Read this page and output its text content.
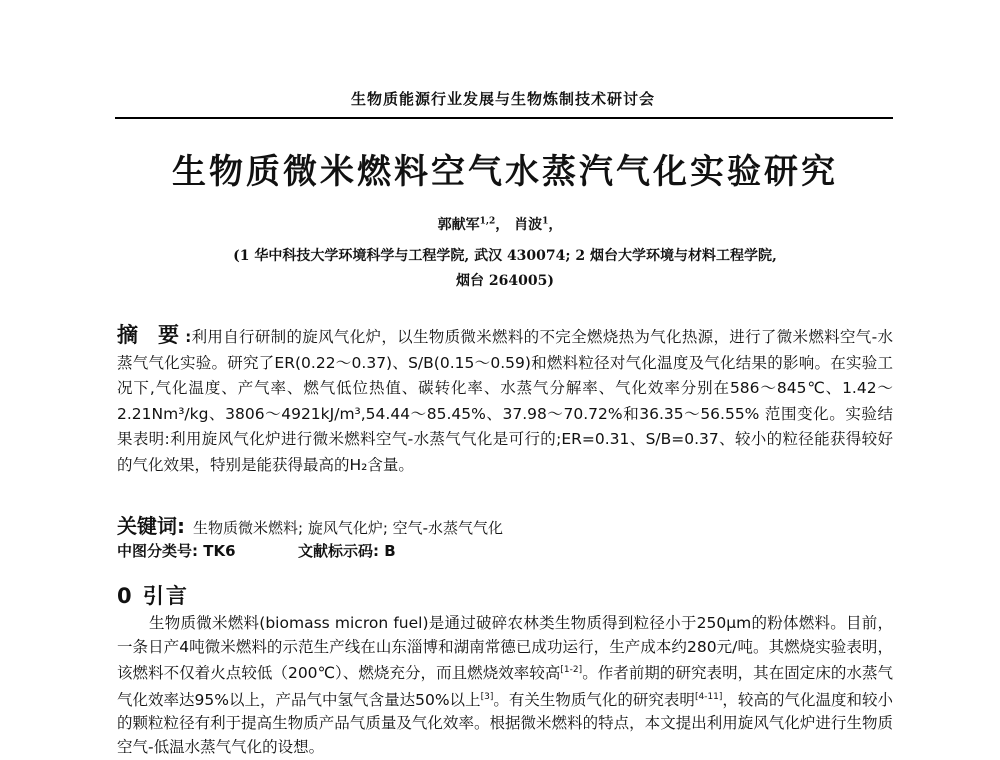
生物质能源行业发展与生物炼制技术研讨会
生物质微米燃料空气水蒸汽气化实验研究
郭献军$^{1,2}$， 肖波$^1$，
(1 华中科技大学环境科学与工程学院, 武汉 430074; 2 烟台大学环境与材料工程学院,
烟台 264005)
摘 要:利用自行研制的旋风气化炉，以生物质微米燃料的不完全燃烧热为气化热源，进行了微米燃料空气-水蒸气气化实验。研究了ER(0.22～0.37)、S/B(0.15～0.59)和燃料粒径对气化温度及气化结果的影响。在实验工况下,气化温度、产气率、燃气低位热值、碳转化率、水蒸气分解率、气化效率分别在586～845℃、1.42～2.21Nm³/kg、3806～4921kJ/m³,54.44～85.45%、37.98～70.72%和36.35～56.55% 范围变化。实验结果表明:利用旋风气化炉进行微米燃料空气-水蒸气气化是可行的;ER=0.31、S/B=0.37、较小的粒径能获得较好的气化效果，特别是能获得最高的H₂含量。
关键词: 生物质微米燃料; 旋风气化炉; 空气-水蒸气气化
中图分类号: TK6	文献标示码: B
0 引言
生物质微米燃料(biomass micron fuel)是通过破碎农林类生物质得到粒径小于250μm的粉体燃料。目前，一条日产4吨微米燃料的示范生产线在山东淄博和湖南常德已成功运行，生产成本约280元/吨。其燃烧实验表明，该燃料不仅着火点较低（200℃）、燃烧充分，而且燃烧效率较高[1-2]。作者前期的研究表明，其在固定床的水蒸气气化效率达95%以上，产品气中氢气含量达50%以上[3]。有关生物质气化的研究表明[4-11]，较高的气化温度和较小的颗粒粒径有利于提高生物质产品气质量及气化效率。根据微米燃料的特点，本文提出利用旋风气化炉进行生物质空气-低温水蒸气气化的设想。
